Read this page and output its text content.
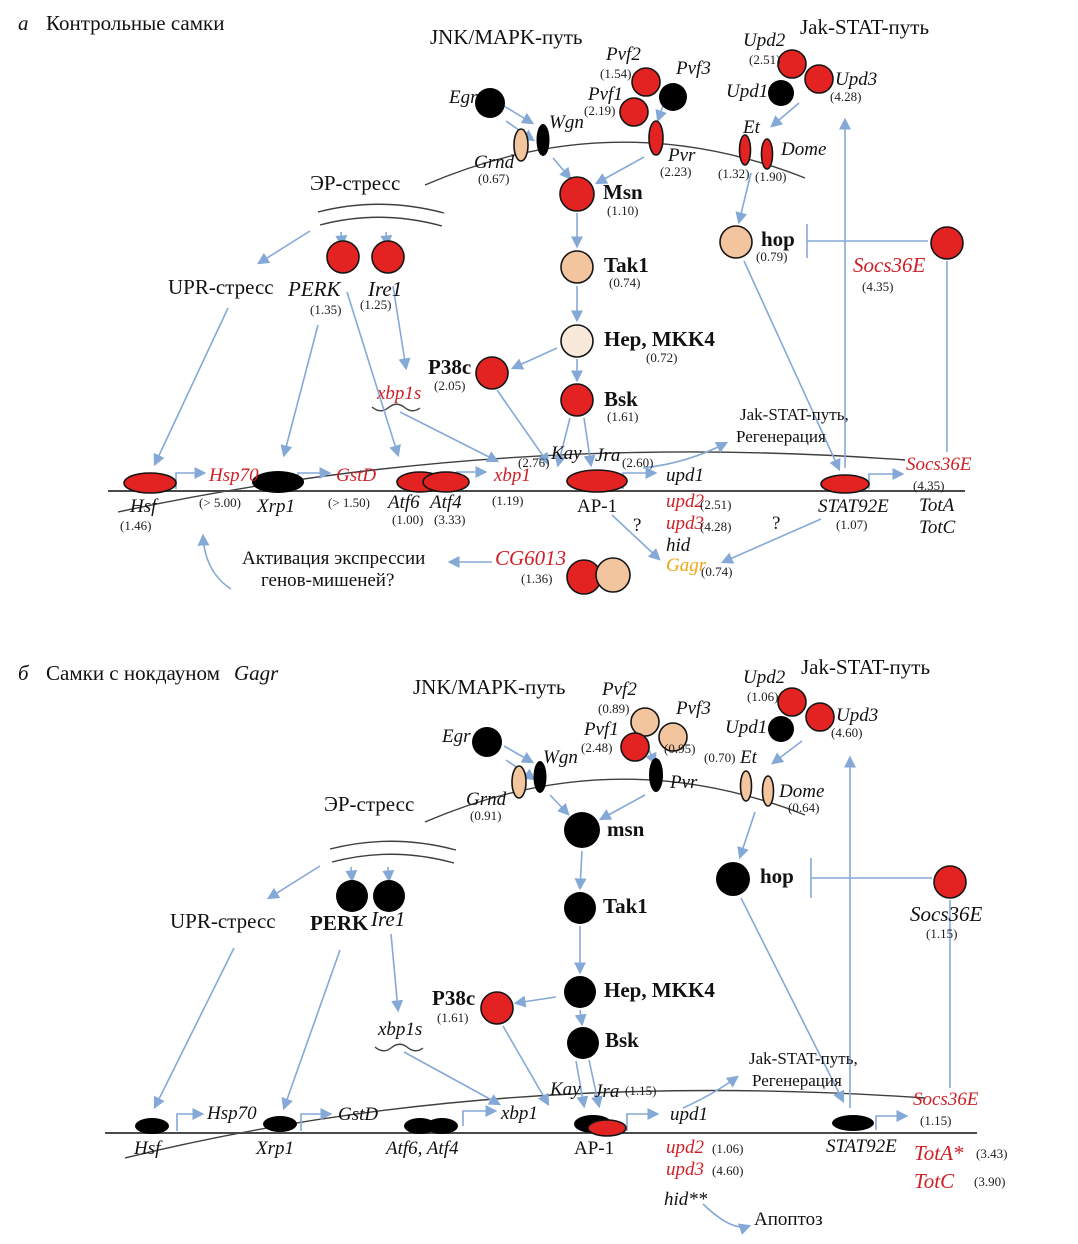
а Контрольные самки
JNK/MAPK-путь	Jak-STAT-путь
Egr
Pvf2
(1.54) Pvf3
Pvf1
(2.19)
Wgn
Grnd
(0.67)
Pvr
(2.23)
Upd2
(2.51)
Upd3
(4.28)
Upd1
Et
(1.32)
Dome
(1.90)
ЭР-стресс
UPR-стресс PERK
(1.35)
Ire1
(1.25)
Msn
(1.10)
Tak1
(0.74)
Hep, MKK4
(0.72)
Bsk
(1.61)
P38c
(2.05)
xbp1s
hop
(0.79)	Socs36E
(4.35)
Jak-STAT-путь,
Регенерация
Hsf
(1.46)
Hsp70
(> 5.00) Xrp1
GstD
(> 1.50) Atf6
(1.00)
Atf4
(3.33)
xbp1
(1.19)
Kay
(2.76) Jra (2.60)
AP-1
upd1
upd2
(2.51)
upd3
(4.28)
hid
Gagr
(0.74)
?	?
STAT92E
(1.07)
Socs36E
(4.35)
TotA
TotC
CG6013
(1.36)
Активация экспрессии
генов-мишеней?
б Самки с нокдауном Gagr
JNK/MAPK-путь
Jak-STAT-путь
Egr
Pvf2
(0.89) Pvf3
(0.95)
Pvf1
(2.48)
Wgn
Grnd
(0.91)
Pvr
Upd2
(1.06)
Upd3
(4.60)
Upd1
(0.70) Et
Dome
(0.64)
ЭР-стресс
UPR-стресс PERK Ire1
msn
Tak1
Hep, MKK4
Bsk
P38c
(1.61)
xbp1s
hop
Socs36E
(1.15)
Jak-STAT-путь,
Регенерация
Kay Jra (1.15)
Hsf
Hsp70
Xrp1
GstD
Atf6, Atf4
xbp1
AP-1
upd1
upd2 (1.06)
upd3 (4.60)
hid**
STAT92E
Socs36E
(1.15)
TotA* (3.43)
TotC (3.90)
Апоптоз
